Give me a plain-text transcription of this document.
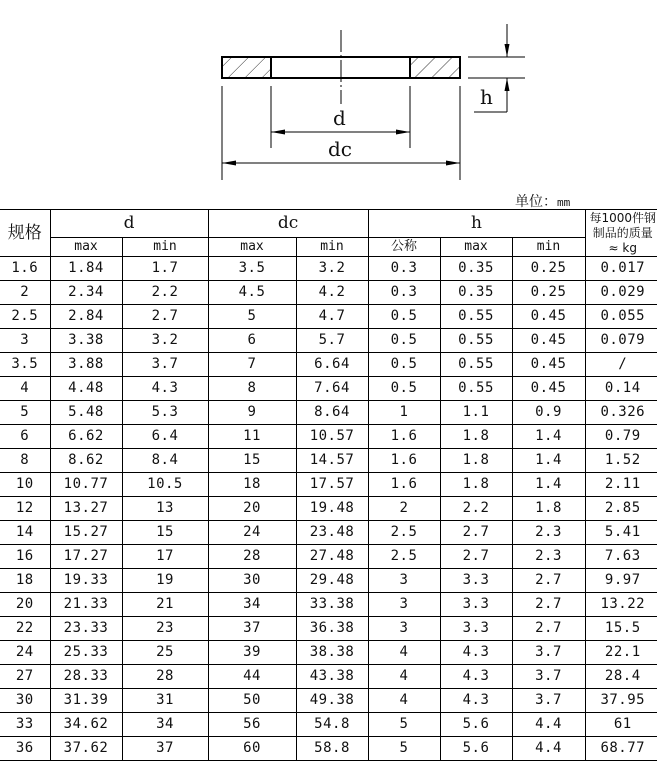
d
dc
h
单位：mm
规格	d		dc		h			每1000件钢
制品的质量
≈ kg
	max	min	max	min	公称	max	min	
1.6	1.84	1.7	3.5	3.2	0.3	0.35	0.25	0.017
2	2.34	2.2	4.5	4.2	0.3	0.35	0.25	0.029
2.5	2.84	2.7	5	4.7	0.5	0.55	0.45	0.055
3	3.38	3.2	6	5.7	0.5	0.55	0.45	0.079
3.5	3.88	3.7	7	6.64	0.5	0.55	0.45	/
4	4.48	4.3	8	7.64	0.5	0.55	0.45	0.14
5	5.48	5.3	9	8.64	1	1.1	0.9	0.326
6	6.62	6.4	11	10.57	1.6	1.8	1.4	0.79
8	8.62	8.4	15	14.57	1.6	1.8	1.4	1.52
10	10.77	10.5	18	17.57	1.6	1.8	1.4	2.11
12	13.27	13	20	19.48	2	2.2	1.8	2.85
14	15.27	15	24	23.48	2.5	2.7	2.3	5.41
16	17.27	17	28	27.48	2.5	2.7	2.3	7.63
18	19.33	19	30	29.48	3	3.3	2.7	9.97
20	21.33	21	34	33.38	3	3.3	2.7	13.22
22	23.33	23	37	36.38	3	3.3	2.7	15.5
24	25.33	25	39	38.38	4	4.3	3.7	22.1
27	28.33	28	44	43.38	4	4.3	3.7	28.4
30	31.39	31	50	49.38	4	4.3	3.7	37.95
33	34.62	34	56	54.8	5	5.6	4.4	61
36	37.62	37	60	58.8	5	5.6	4.4	68.77
